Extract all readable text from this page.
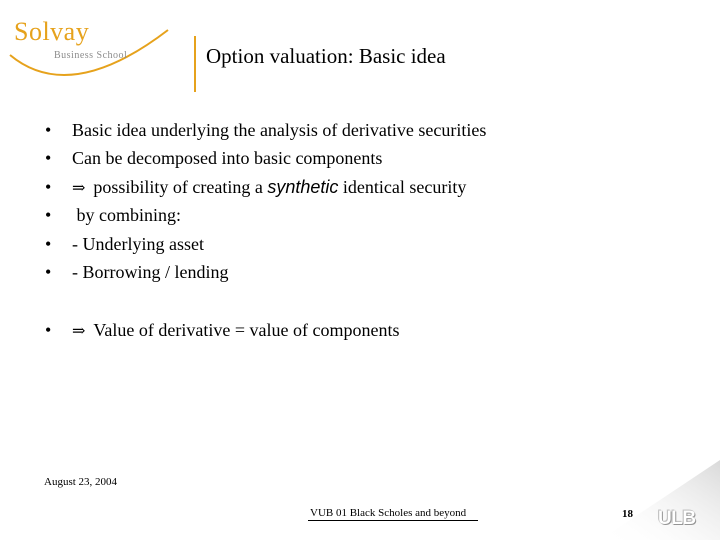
Solvay
Business School	Option valuation: Basic idea
• Basic idea underlying the analysis of derivative securities
• Can be decomposed into basic components
• ⇒ possibility of creating a synthetic identical security
• by combining:
• - Underlying asset
• - Borrowing / lending
• ⇒ Value of derivative = value of components
August 23, 2004
VUB 01 Black Scholes and beyond	18 ULB
